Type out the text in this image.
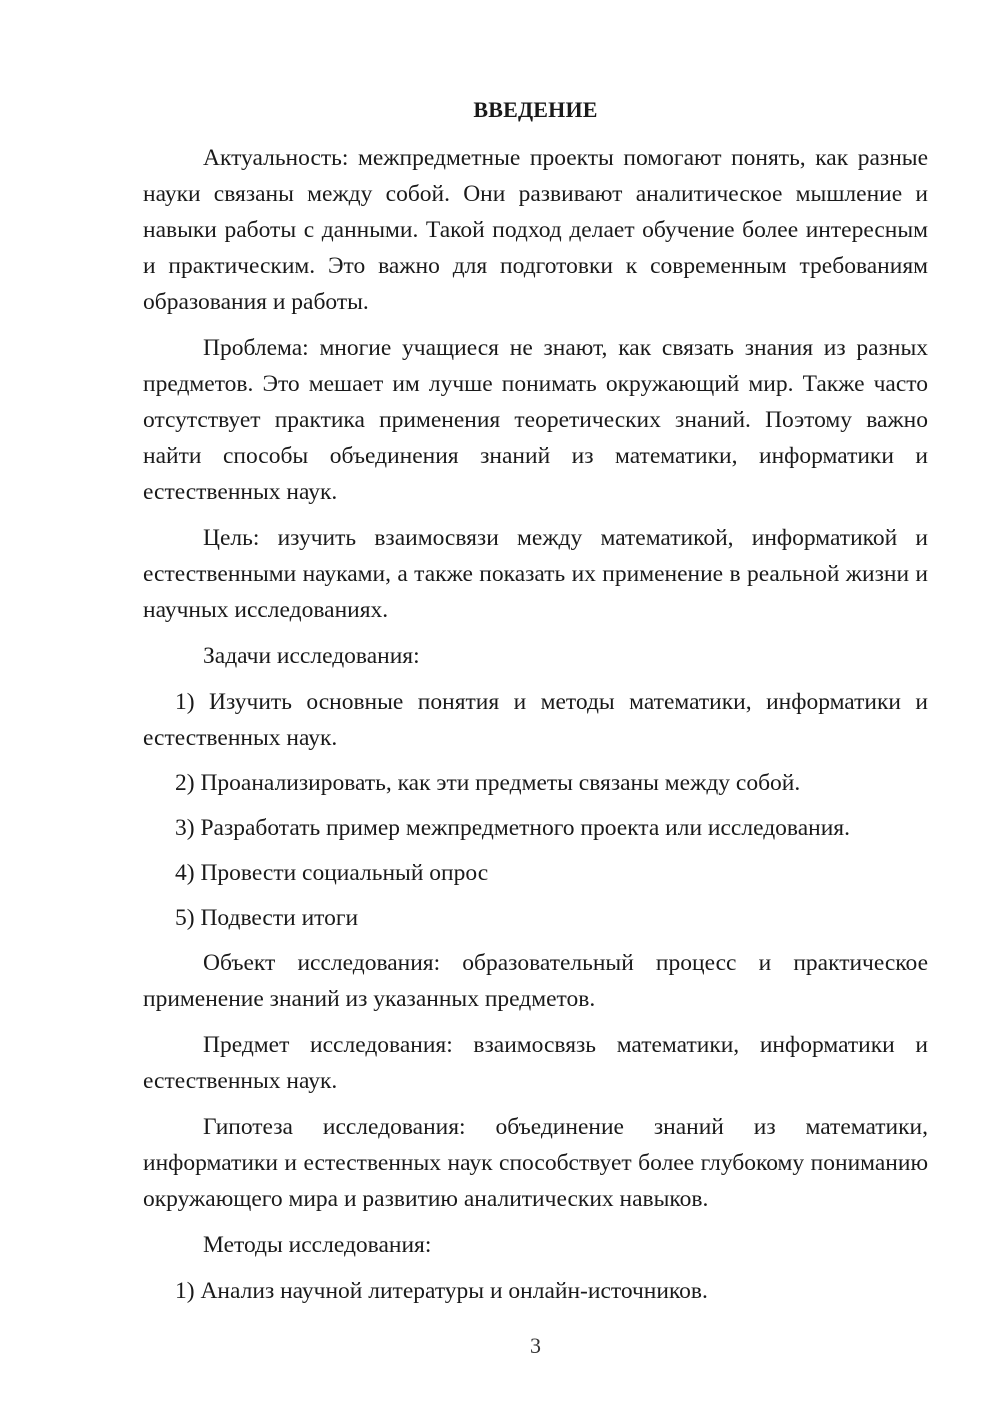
ВВЕДЕНИЕ

Актуальность: межпредметные проекты помогают понять, как разные науки связаны между собой. Они развивают аналитическое мышление и навыки работы с данными. Такой подход делает обучение более интересным и практическим. Это важно для подготовки к современным требованиям образования и работы.

Проблема: многие учащиеся не знают, как связать знания из разных предметов. Это мешает им лучше понимать окружающий мир. Также часто отсутствует практика применения теоретических знаний. Поэтому важно найти способы объединения знаний из математики, информатики и естественных наук.

Цель: изучить взаимосвязи между математикой, информатикой и естественными науками, а также показать их применение в реальной жизни и научных исследованиях.

Задачи исследования:

1) Изучить основные понятия и методы математики, информатики и естественных наук.

2) Проанализировать, как эти предметы связаны между собой.

3) Разработать пример межпредметного проекта или исследования.

4) Провести социальный опрос

5) Подвести итоги

Объект исследования: образовательный процесс и практическое применение знаний из указанных предметов.

Предмет исследования: взаимосвязь математики, информатики и естественных наук.

Гипотеза исследования: объединение знаний из математики, информатики и естественных наук способствует более глубокому пониманию окружающего мира и развитию аналитических навыков.

Методы исследования:

1) Анализ научной литературы и онлайн-источников.

3
